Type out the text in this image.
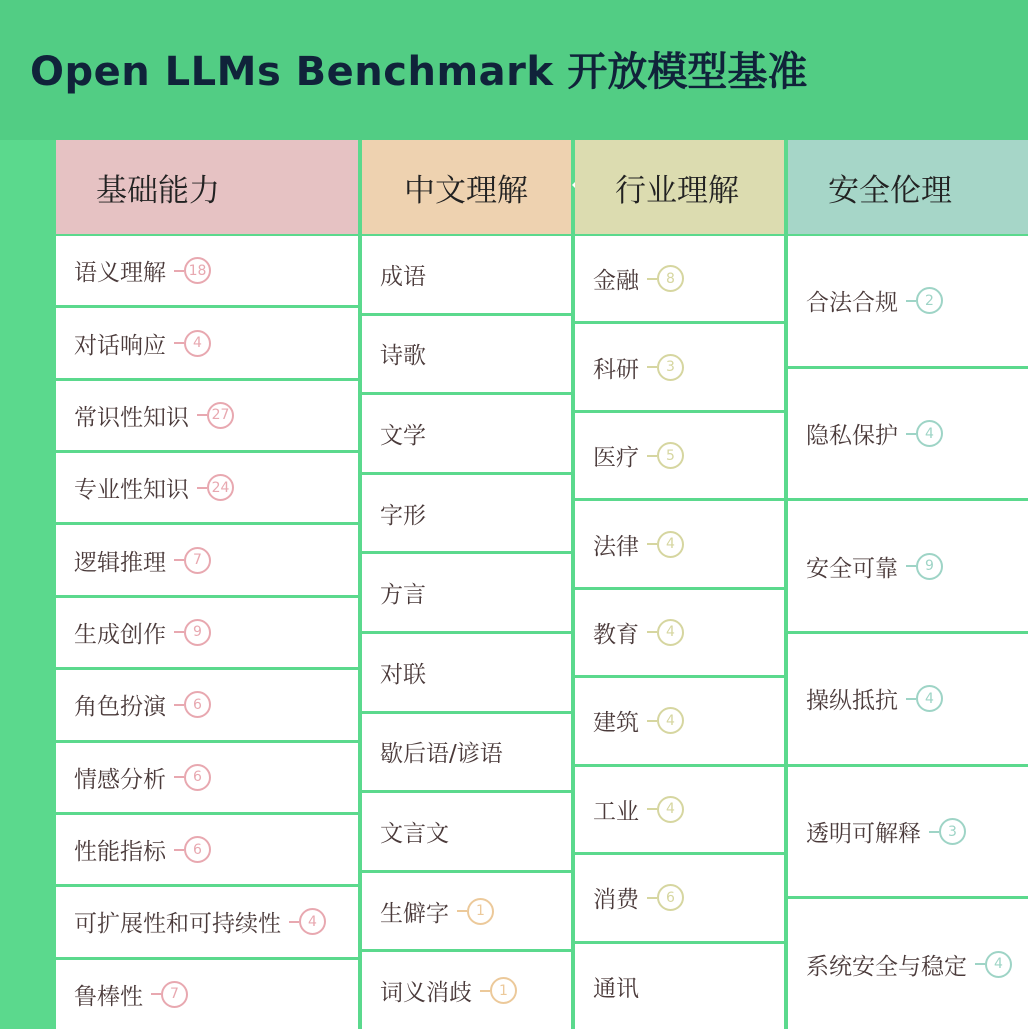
Open LLMs Benchmark 开放模型基准
基础能力
语义理解	18
对话响应	4
常识性知识	27
专业性知识	24
逻辑推理	7
生成创作	9
角色扮演	6
情感分析	6
性能指标	6
可扩展性和可持续性	4
鲁棒性	7
中文理解
成语
诗歌
文学
字形
方言
对联
歇后语/谚语
文言文
生僻字	1
词义消歧	1
行业理解
金融	8
科研	3
医疗	5
法律	4
教育	4
建筑	4
工业	4
消费	6
通讯
安全伦理
合法合规	2
隐私保护	4
安全可靠	9
操纵抵抗	4
透明可解释	3
系统安全与稳定	4
